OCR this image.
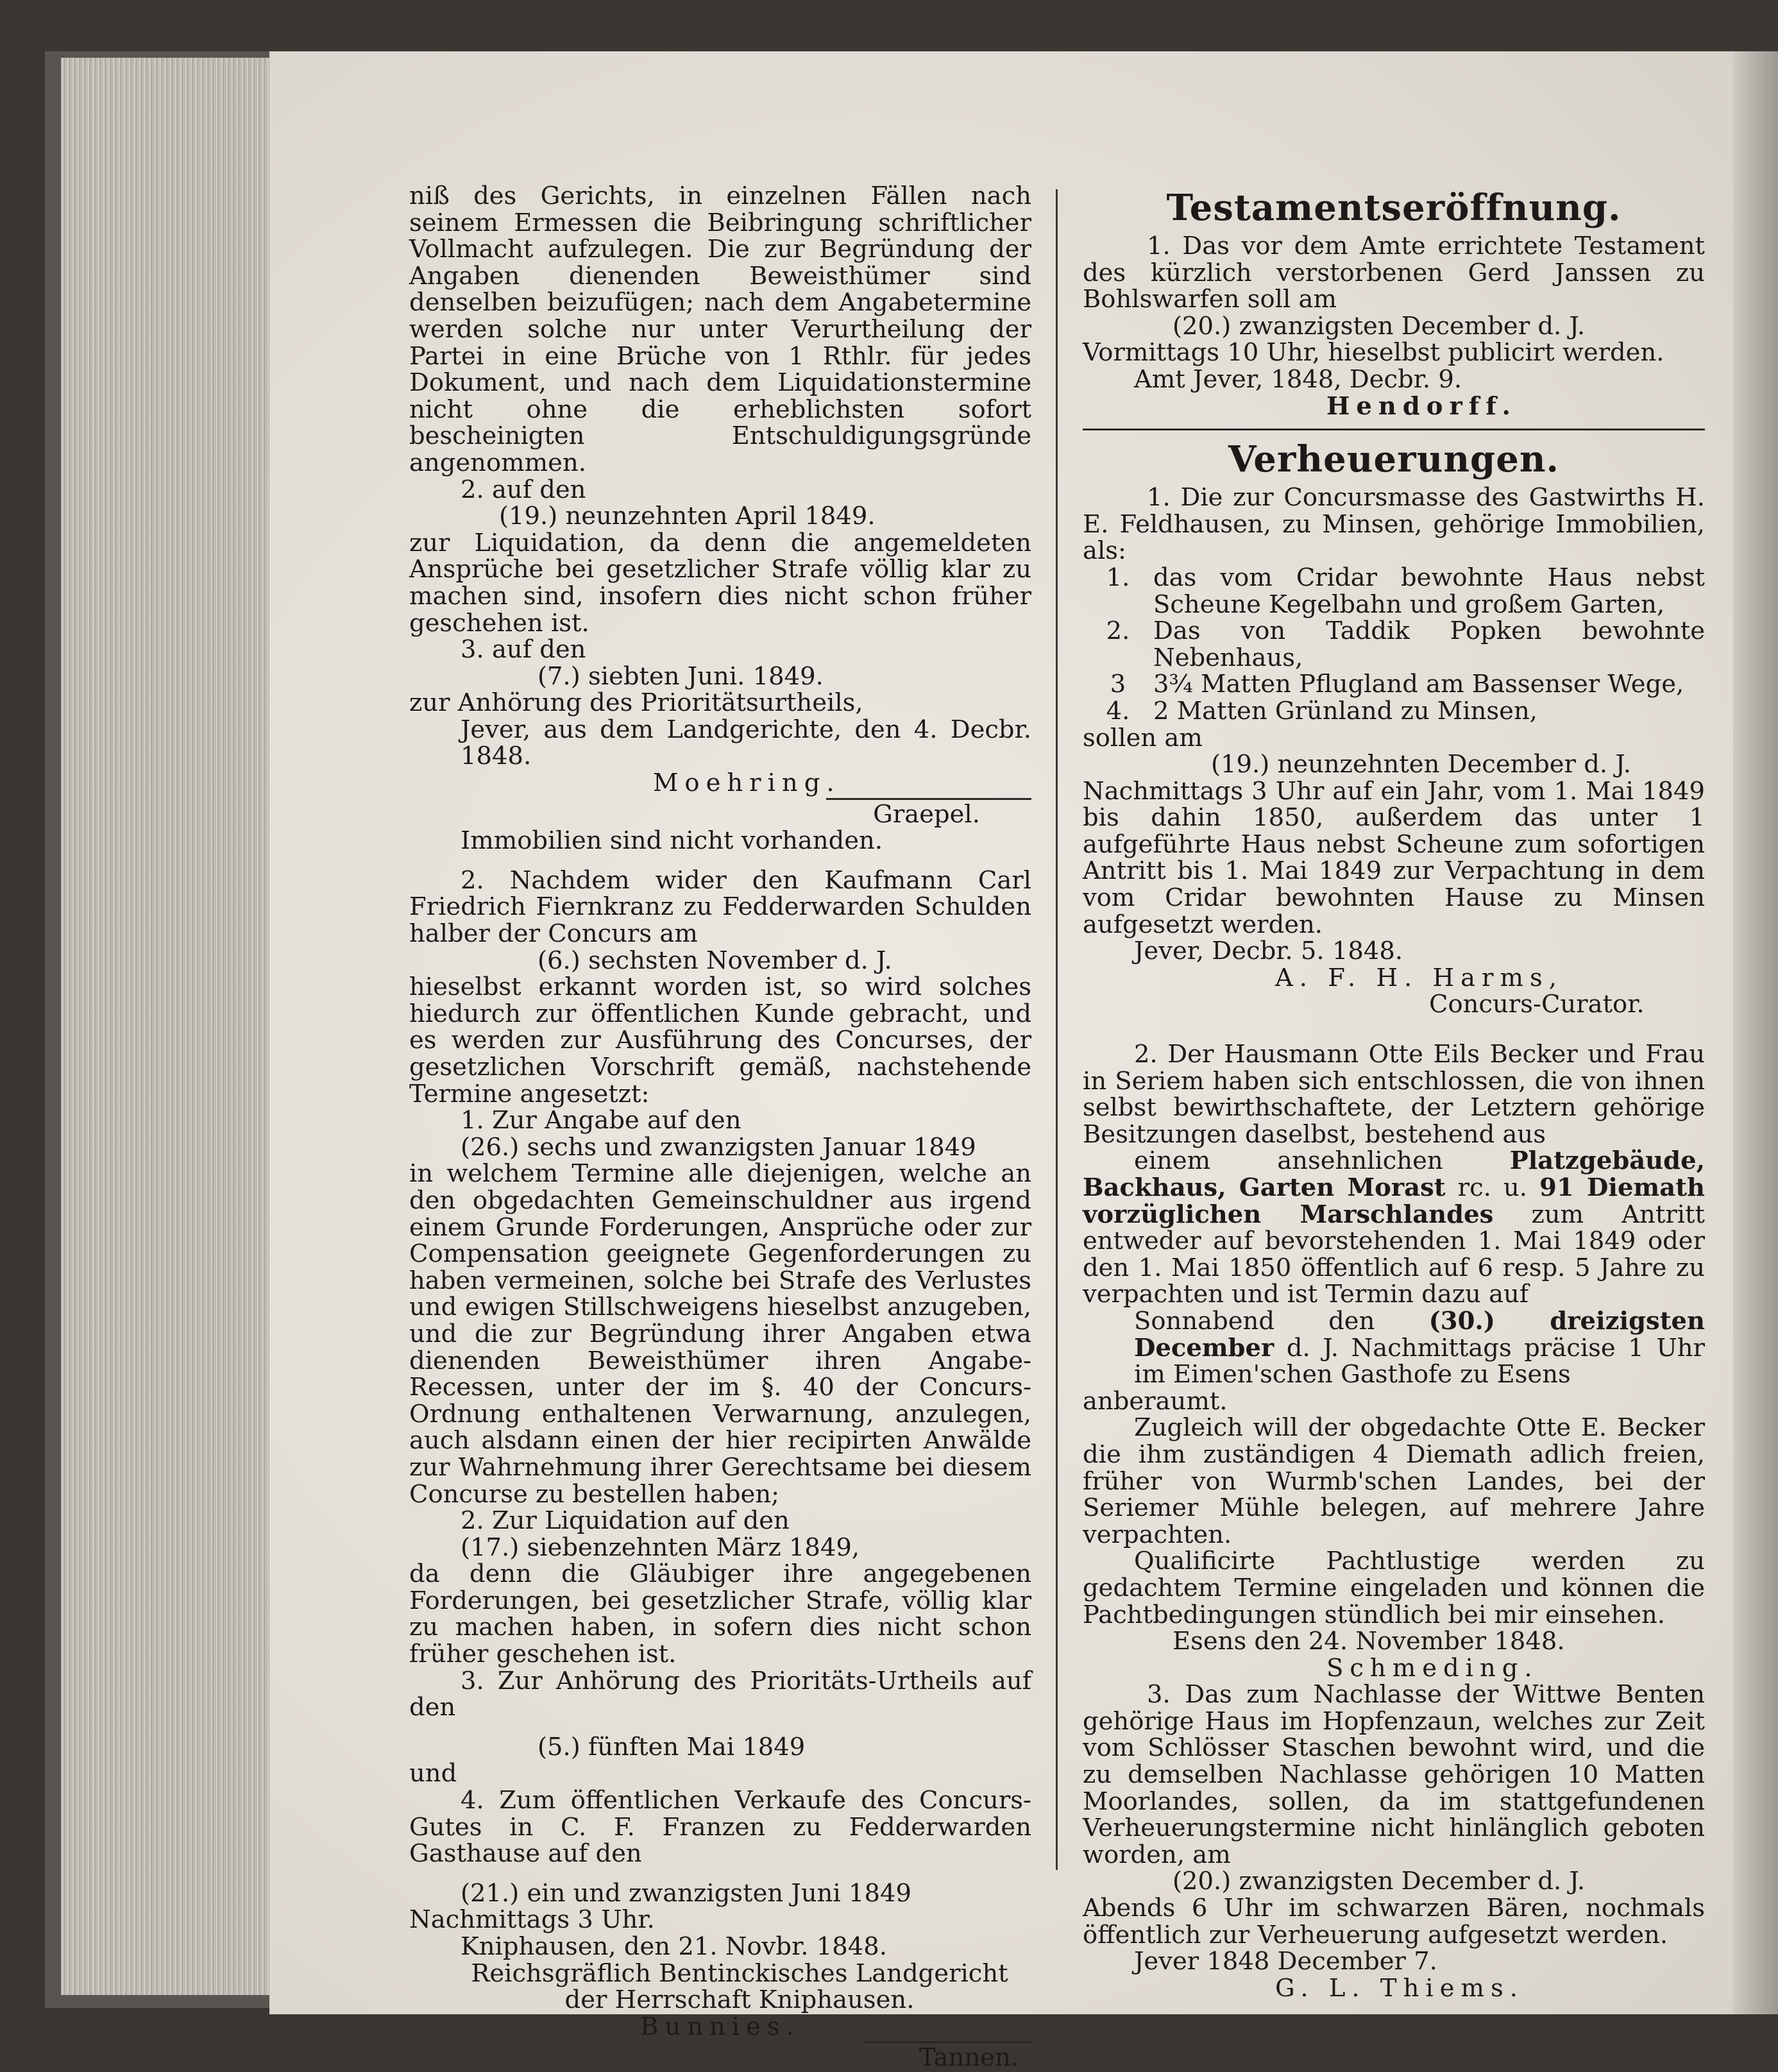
niß des Gerichts, in einzelnen Fällen nach seinem Ermessen die Beibringung schriftlicher Vollmacht aufzulegen. Die zur Begründung der Angaben dienenden Beweisthümer sind denselben beizufügen; nach dem Angabetermine werden solche nur unter Verurtheilung der Partei in eine Brüche von 1 Rthlr. für jedes Dokument, und nach dem Liquidationstermine nicht ohne die erheblichsten sofort bescheinigten Entschuldigungsgründe angenommen.
2. auf den
(19.) neunzehnten April 1849.
zur Liquidation, da denn die angemeldeten Ansprüche bei gesetzlicher Strafe völlig klar zu machen sind, insofern dies nicht schon früher geschehen ist.
3. auf den
(7.) siebten Juni. 1849.
zur Anhörung des Prioritätsurtheils,
Jever, aus dem Landgerichte, den 4. Decbr. 1848.
Moehring.
Graepel.
Immobilien sind nicht vorhanden.
2. Nachdem wider den Kaufmann Carl Friedrich Fiernkranz zu Fedderwarden Schulden halber der Concurs am
(6.) sechsten November d. J.
hieselbst erkannt worden ist, so wird solches hiedurch zur öffentlichen Kunde gebracht, und es werden zur Ausführung des Concurses, der gesetzlichen Vorschrift gemäß, nachstehende Termine angesetzt:
1. Zur Angabe auf den
(26.) sechs und zwanzigsten Januar 1849
in welchem Termine alle diejenigen, welche an den obgedachten Gemeinschuldner aus irgend einem Grunde Forderungen, Ansprüche oder zur Compensation geeignete Gegenforderungen zu haben vermeinen, solche bei Strafe des Verlustes und ewigen Stillschweigens hieselbst anzugeben, und die zur Begründung ihrer Angaben etwa dienenden Beweisthümer ihren Angabe-Recessen, unter der im §. 40 der Concurs-Ordnung enthaltenen Verwarnung, anzulegen, auch alsdann einen der hier recipirten Anwälde zur Wahrnehmung ihrer Gerechtsame bei diesem Concurse zu bestellen haben;
2. Zur Liquidation auf den
(17.) siebenzehnten März 1849,
da denn die Gläubiger ihre angegebenen Forderungen, bei gesetzlicher Strafe, völlig klar zu machen haben, in sofern dies nicht schon früher geschehen ist.
3. Zur Anhörung des Prioritäts-Urtheils auf den
(5.) fünften Mai 1849
und
4. Zum öffentlichen Verkaufe des Concurs-Gutes in C. F. Franzen zu Fedderwarden Gasthause auf den
(21.) ein und zwanzigsten Juni 1849
Nachmittags 3 Uhr.
Kniphausen, den 21. Novbr. 1848.
Reichsgräflich Bentinckisches Landgericht der Herrschaft Kniphausen.
Bunnies.
Tannen.
Testamentseröffnung.
1. Das vor dem Amte errichtete Testament des kürzlich verstorbenen Gerd Janssen zu Bohlswarfen soll am
(20.) zwanzigsten December d. J.
Vormittags 10 Uhr, hieselbst publicirt werden.
Amt Jever, 1848, Decbr. 9.
Hendorff.
Verheuerungen.
1. Die zur Concursmasse des Gastwirths H. E. Feldhausen, zu Minsen, gehörige Immobilien, als:
1. das vom Cridar bewohnte Haus nebst Scheune Kegelbahn und großem Garten,
2. Das von Taddik Popken bewohnte Nebenhaus,
3	3¾ Matten Pflugland am Bassenser Wege,
4. 2 Matten Grünland zu Minsen,
sollen am
(19.) neunzehnten December d. J.
Nachmittags 3 Uhr auf ein Jahr, vom 1. Mai 1849 bis dahin 1850, außerdem das unter 1 aufgeführte Haus nebst Scheune zum sofortigen Antritt bis 1. Mai 1849 zur Verpachtung in dem vom Cridar bewohnten Hause zu Minsen aufgesetzt werden.
Jever, Decbr. 5. 1848.
A. F. H. Harms,
Concurs-Curator.
2. Der Hausmann Otte Eils Becker und Frau in Seriem haben sich entschlossen, die von ihnen selbst bewirthschaftete, der Letztern gehörige Besitzungen daselbst, bestehend aus
einem ansehnlichen	Platzgebäude, Backhaus, Garten Morast rc. u. 91 Diemath vorzüglichen Marschlandes zum Antritt entweder auf bevorstehenden 1. Mai 1849 oder den 1. Mai 1850 öffentlich auf 6 resp. 5 Jahre zu verpachten und ist Termin dazu auf
Sonnabend den (30.) dreizigsten December d. J. Nachmittags präcise 1 Uhr im Eimen'schen Gasthofe zu Esens
anberaumt.
Zugleich will der obgedachte Otte E. Becker die ihm zuständigen 4 Diemath adlich freien, früher von Wurmb'schen Landes, bei der Seriemer Mühle belegen, auf mehrere Jahre verpachten.
Qualificirte Pachtlustige werden zu gedachtem Termine eingeladen und können die Pachtbedingungen stündlich bei mir einsehen.
Esens den 24. November 1848.
Schmeding.
3. Das zum Nachlasse der Wittwe Benten gehörige Haus im Hopfenzaun, welches zur Zeit vom Schlösser Staschen bewohnt wird, und die zu demselben Nachlasse gehörigen 10 Matten Moorlandes, sollen, da im stattgefundenen Verheuerungstermine nicht hinlänglich geboten worden, am
(20.) zwanzigsten December d. J.
Abends 6 Uhr im schwarzen Bären, nochmals öffentlich zur Verheuerung aufgesetzt werden.
Jever 1848 December 7.
G. L. Thiems.
